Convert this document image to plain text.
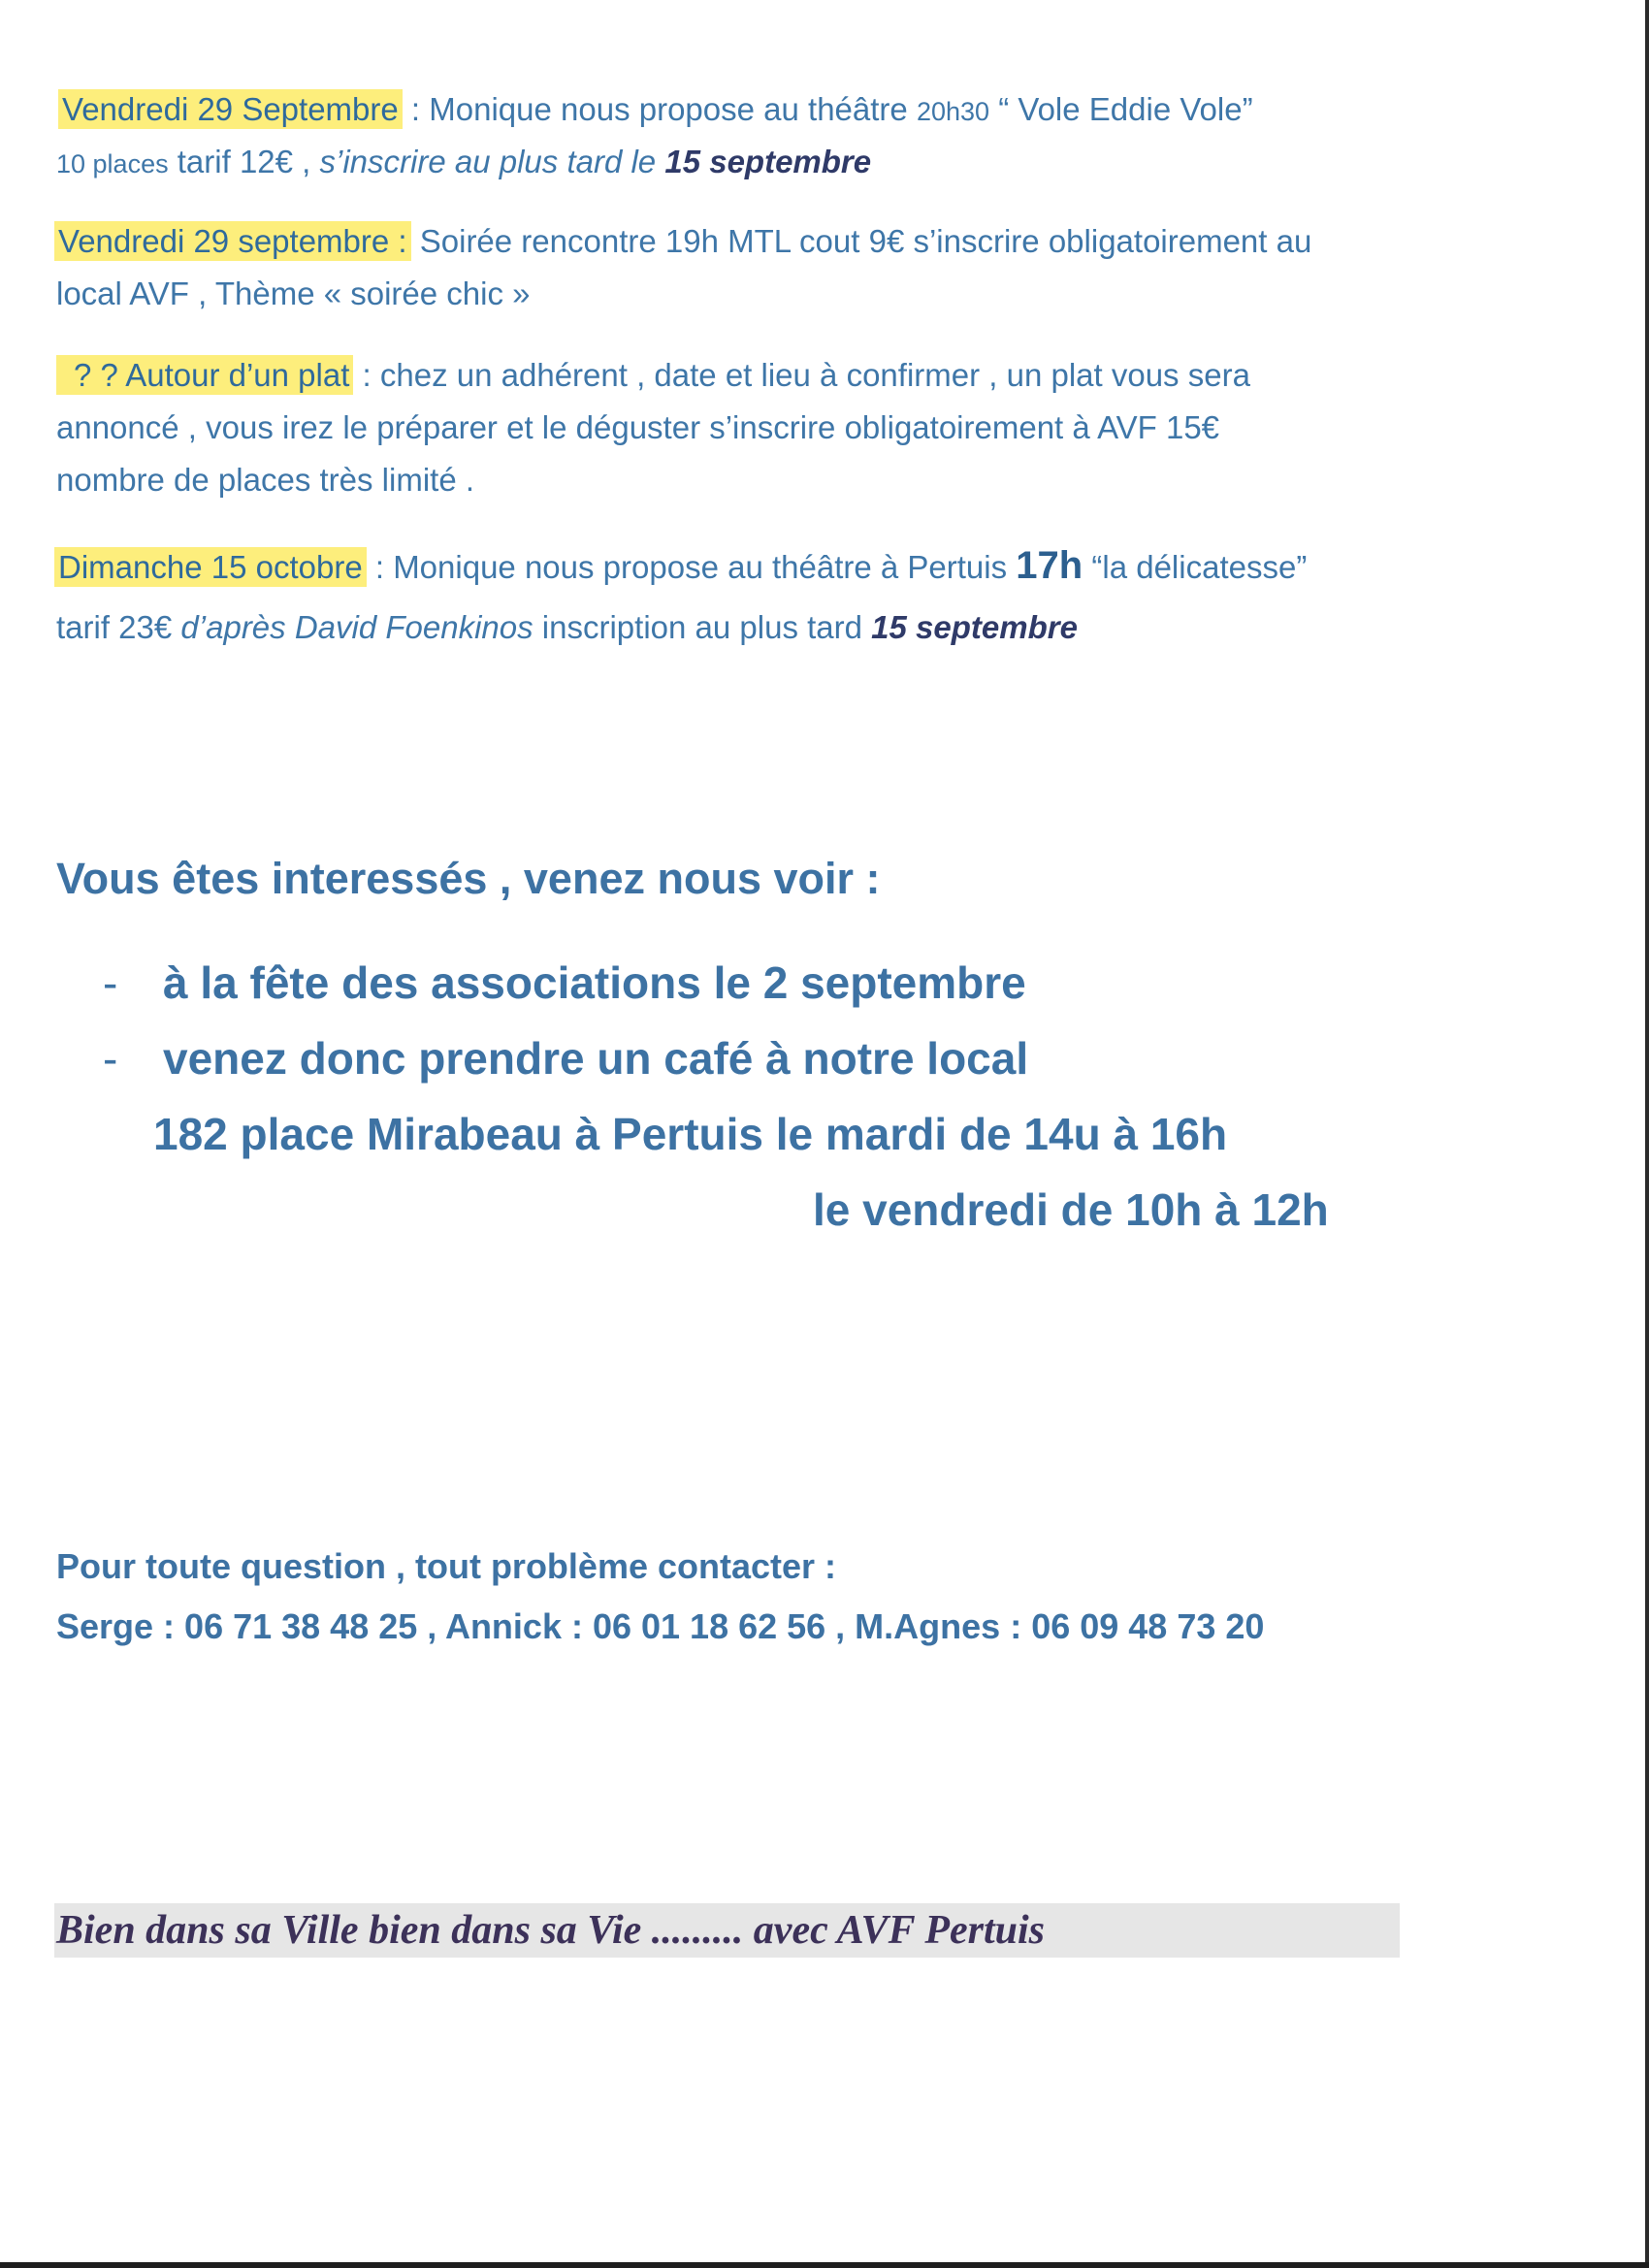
Vendredi 29 Septembre : Monique nous propose au théâtre 20h30 “ Vole Eddie Vole”
10 places tarif 12€ , s’inscrire au plus tard le 15 septembre
Vendredi 29 septembre : Soirée rencontre 19h MTL cout 9€ s’inscrire obligatoirement au
local AVF , Thème « soirée chic »
? ? Autour d’un plat : chez un adhérent , date et lieu à confirmer , un plat vous sera
annoncé , vous irez le préparer et le déguster s’inscrire obligatoirement à AVF 15€
nombre de places très limité .
Dimanche 15 octobre : Monique nous propose au théâtre à Pertuis 17h “la délicatesse”
tarif 23€ d’après David Foenkinos inscription au plus tard 15 septembre
Vous êtes interessés , venez nous voir :
- à la fête des associations le 2 septembre
- venez donc prendre un café à notre local
182 place Mirabeau à Pertuis le mardi de 14u à 16h
le vendredi de 10h à 12h
Pour toute question , tout problème contacter :
Serge : 06 71 38 48 25 , Annick : 06 01 18 62 56 , M.Agnes : 06 09 48 73 20
Bien dans sa Ville bien dans sa Vie ......... avec AVF Pertuis
